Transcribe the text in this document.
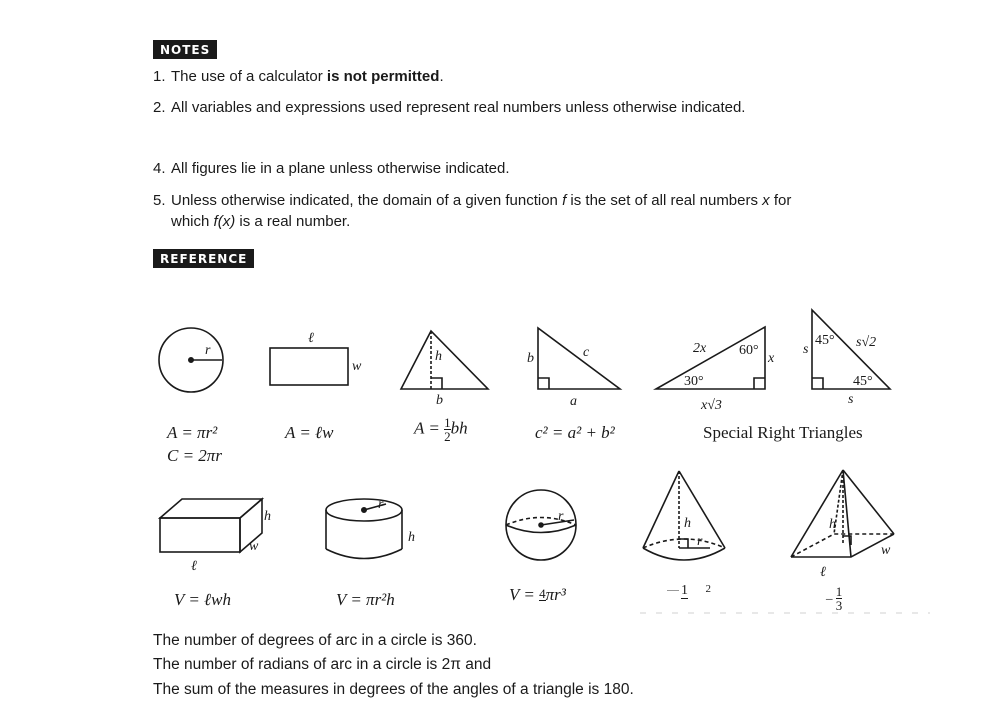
NOTES
1. The use of a calculator is not permitted.
2. All variables and expressions used represent real numbers unless otherwise indicated.
4. All figures lie in a plane unless otherwise indicated.
5. Unless otherwise indicated, the domain of a given function f is the set of all real numbers x for
which f(x) is a real number.
REFERENCE
r
ℓ
w
h
b
b	c
a
2x 60°
x
30°
x√3
s
45° s√2
45°
s
h
w
ℓ
r
h
r	h
r
h
w
ℓ
A = πr²
C = 2πr
A = ℓw	$A = \frac{1}{2}$ bh	c² = a² + b²	Special Right Triangles
V = ℓwh	V = πr²h	V = 4πr³	1 $^2$
– $\frac{1}{3}$
The number of degrees of arc in a circle is 360.
The number of radians of arc in a circle is 2π and
The sum of the measures in degrees of the angles of a triangle is 180.
